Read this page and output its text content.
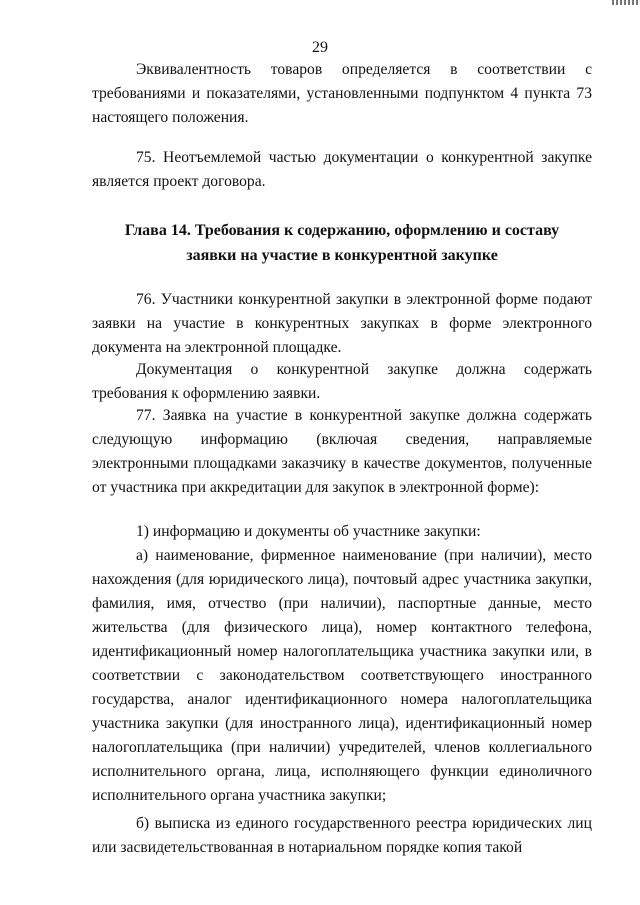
29

Эквивалентность товаров определяется в соответствии с требованиями и показателями, установленными подпунктом 4 пункта 73 настоящего положения.

75. Неотъемлемой частью документации о конкурентной закупке является проект договора.

Глава 14. Требования к содержанию, оформлению и составу
заявки на участие в конкурентной закупке

76. Участники конкурентной закупки в электронной форме подают заявки на участие в конкурентных закупках в форме электронного документа на электронной площадке.

Документация о конкурентной закупке должна содержать требования к оформлению заявки.

77. Заявка на участие в конкурентной закупке должна содержать следующую информацию (включая сведения, направляемые электронными площадками заказчику в качестве документов, полученные от участника при аккредитации для закупок в электронной форме):

1) информацию и документы об участнике закупки:

а) наименование, фирменное наименование (при наличии), место нахождения (для юридического лица), почтовый адрес участника закупки, фамилия, имя, отчество (при наличии), паспортные данные, место жительства (для физического лица), номер контактного телефона, идентификационный номер налогоплательщика участника закупки или, в соответствии с законодательством соответствующего иностранного государства, аналог идентификационного номера налогоплательщика участника закупки (для иностранного лица), идентификационный номер налогоплательщика (при наличии) учредителей, членов коллегиального исполнительного органа, лица, исполняющего функции единоличного исполнительного органа участника закупки;

б) выписка из единого государственного реестра юридических лиц или засвидетельствованная в нотариальном порядке копия такой
